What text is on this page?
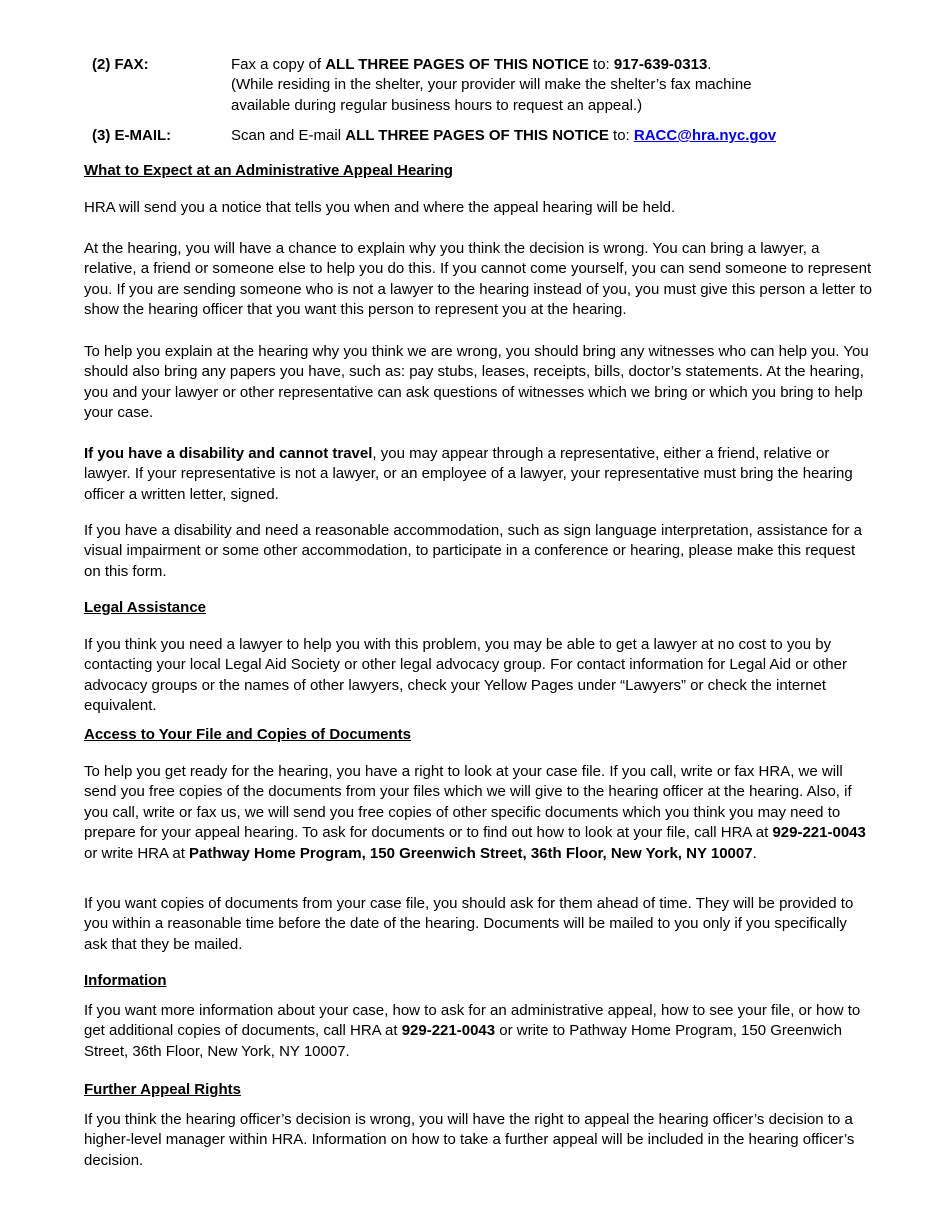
(2) FAX:	Fax a copy of ALL THREE PAGES OF THIS NOTICE to: 917-639-0313.
(While residing in the shelter, your provider will make the shelter’s fax machine
available during regular business hours to request an appeal.)
(3) E-MAIL:	Scan and E-mail ALL THREE PAGES OF THIS NOTICE to: RACC@hra.nyc.gov
What to Expect at an Administrative Appeal Hearing
HRA will send you a notice that tells you when and where the appeal hearing will be held.
At the hearing, you will have a chance to explain why you think the decision is wrong. You can bring a lawyer, a relative, a friend or someone else to help you do this. If you cannot come yourself, you can send someone to represent you. If you are sending someone who is not a lawyer to the hearing instead of you, you must give this person a letter to show the hearing officer that you want this person to represent you at the hearing.
To help you explain at the hearing why you think we are wrong, you should bring any witnesses who can help you. You should also bring any papers you have, such as: pay stubs, leases, receipts, bills, doctor’s statements. At the hearing, you and your lawyer or other representative can ask questions of witnesses which we bring or which you bring to help your case.
If you have a disability and cannot travel, you may appear through a representative, either a friend, relative or lawyer. If your representative is not a lawyer, or an employee of a lawyer, your representative must bring the hearing officer a written letter, signed.
If you have a disability and need a reasonable accommodation, such as sign language interpretation, assistance for a visual impairment or some other accommodation, to participate in a conference or hearing, please make this request on this form.
Legal Assistance
If you think you need a lawyer to help you with this problem, you may be able to get a lawyer at no cost to you by contacting your local Legal Aid Society or other legal advocacy group. For contact information for Legal Aid or other advocacy groups or the names of other lawyers, check your Yellow Pages under “Lawyers” or check the internet equivalent.
Access to Your File and Copies of Documents
To help you get ready for the hearing, you have a right to look at your case file. If you call, write or fax HRA, we will send you free copies of the documents from your files which we will give to the hearing officer at the hearing. Also, if you call, write or fax us, we will send you free copies of other specific documents which you think you may need to prepare for your appeal hearing. To ask for documents or to find out how to look at your file, call HRA at 929-221-0043 or write HRA at Pathway Home Program, 150 Greenwich Street, 36th Floor, New York, NY 10007.
If you want copies of documents from your case file, you should ask for them ahead of time. They will be provided to you within a reasonable time before the date of the hearing. Documents will be mailed to you only if you specifically ask that they be mailed.
Information
If you want more information about your case, how to ask for an administrative appeal, how to see your file, or how to get additional copies of documents, call HRA at 929-221-0043 or write to Pathway Home Program, 150 Greenwich Street, 36th Floor, New York, NY 10007.
Further Appeal Rights
If you think the hearing officer’s decision is wrong, you will have the right to appeal the hearing officer’s decision to a higher-level manager within HRA. Information on how to take a further appeal will be included in the hearing officer’s decision.
